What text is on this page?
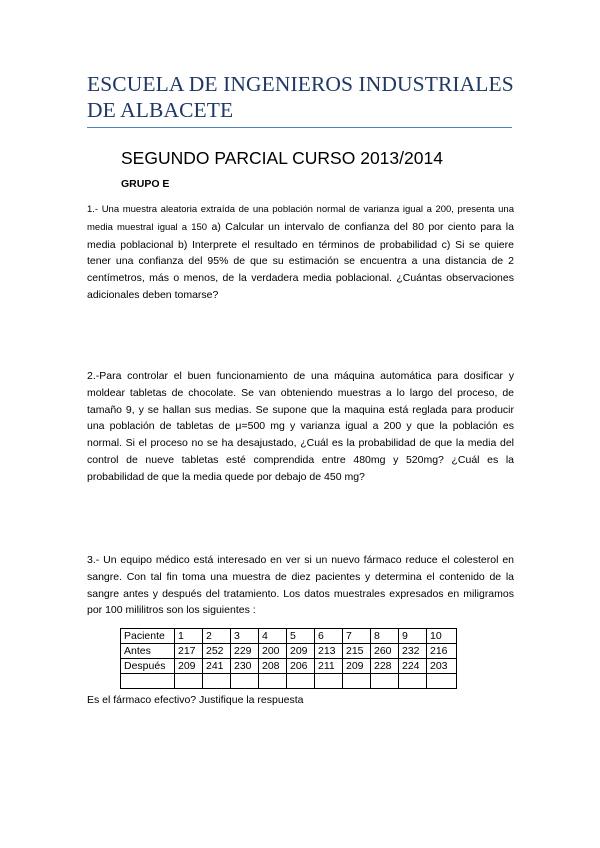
ESCUELA DE INGENIEROS INDUSTRIALES
DE ALBACETE
SEGUNDO PARCIAL CURSO 2013/2014
GRUPO E

1.- Una muestra aleatoria extraída de una población normal de varianza igual a 200, presenta una media muestral igual a 150 a) Calcular un intervalo de confianza del 80 por ciento para la media poblacional b) Interprete el resultado en términos de probabilidad c) Si se quiere tener una confianza del 95% de que su estimación se encuentra a una distancia de 2 centímetros, más o menos, de la verdadera media poblacional. ¿Cuántas observaciones adicionales deben tomarse?

2.-Para controlar el buen funcionamiento de una máquina automática para dosificar y moldear tabletas de chocolate. Se van obteniendo muestras a lo largo del proceso, de tamaño 9, y se hallan sus medias. Se supone que la maquina está reglada para producir una población de tabletas de μ=500 mg y varianza igual a 200 y que la población es normal. Si el proceso no se ha desajustado, ¿Cuál es la probabilidad de que la media del control de nueve tabletas esté comprendida entre 480mg y 520mg? ¿Cuál es la probabilidad de que la media quede por debajo de 450 mg?

3.- Un equipo médico está interesado en ver si un nuevo fármaco reduce el colesterol en sangre. Con tal fin toma una muestra de diez pacientes y determina el contenido de la sangre antes y después del tratamiento. Los datos muestrales expresados en miligramos por 100 mililitros son los siguientes :

Paciente	1	2	3	4	5	6	7	8	9	10
Antes	217	252	229	200	209	213	215	260	232	216
Después	209	241	230	208	206	211	209	228	224	203

Es el fármaco efectivo? Justifique la respuesta
